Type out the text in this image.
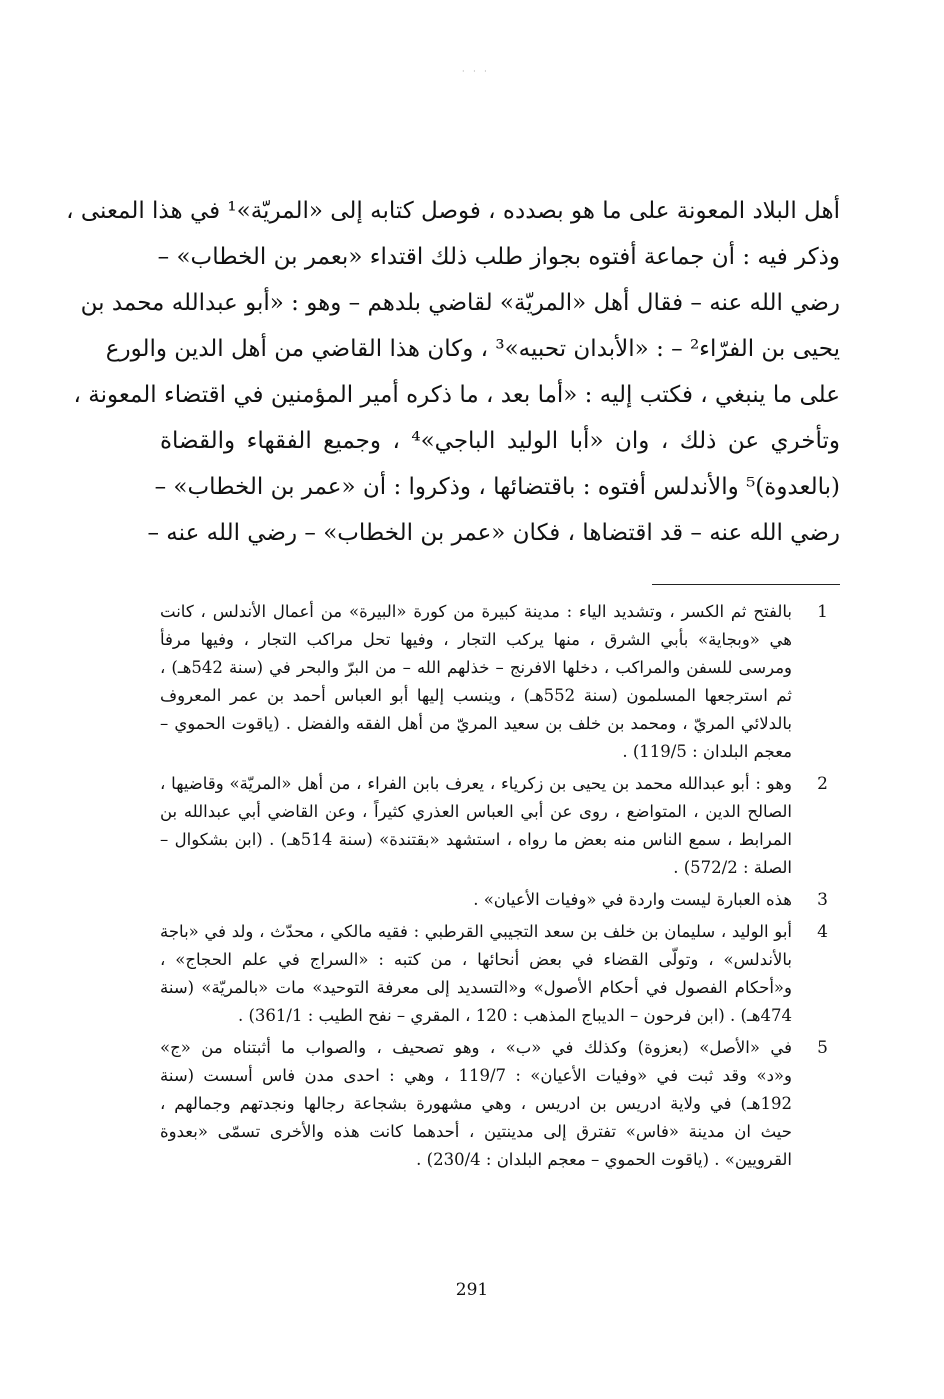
· · ·
أهل البلاد المعونة على ما هو بصدده ، فوصل كتابه إلى «المريّة»¹ في هذا المعنى ،
وذكر فيه : أن جماعة أفتوه بجواز طلب ذلك اقتداء «بعمر بن الخطاب» –
رضي الله عنه – فقال أهل «المريّة» لقاضي بلدهم – وهو : «أبو عبدالله محمد بن
يحيى بن الفرّاء² – : «الأبدان تحبيه»³ ، وكان هذا القاضي من أهل الدين والورع
على ما ينبغي ، فكتب إليه : «أما بعد ، ما ذكره أمير المؤمنين في اقتضاء المعونة ،
وتأخري عن ذلك ، وان «أبا الوليد الباجي»⁴ ، وجميع الفقهاء والقضاة
(بالعدوة)⁵ والأندلس أفتوه : باقتضائها ، وذكروا : أن «عمر بن الخطاب» –
رضي الله عنه – قد اقتضاها ، فكان «عمر بن الخطاب» – رضي الله عنه –
1
بالفتح ثم الكسر ، وتشديد الياء : مدينة كبيرة من كورة «البيرة» من أعمال الأندلس ، كانت
هي «وبجاية» بأبي الشرق ، منها يركب التجار ، وفيها تحل مراكب التجار ، وفيها مرفأ
ومرسى للسفن والمراكب ، دخلها الافرنج – خذلهم الله – من البرّ والبحر في (سنة 542هـ) ،
ثم استرجعها المسلمون (سنة 552هـ) ، وينسب إليها أبو العباس أحمد بن عمر المعروف
بالدلائي المريّ ، ومحمد بن خلف بن سعيد المريّ من أهل الفقه والفضل . (ياقوت الحموي –
معجم البلدان : 119/5) .
2
وهو : أبو عبدالله محمد بن يحيى بن زكرياء ، يعرف بابن الفراء ، من أهل «المريّة» وقاضيها ،
الصالح الدين ، المتواضع ، روى عن أبي العباس العذري كثيراً ، وعن القاضي أبي عبدالله بن
المرابط ، سمع الناس منه بعض ما رواه ، استشهد «بقتندة» (سنة 514هـ) . (ابن بشكوال –
الصلة : 572/2) .
3
هذه العبارة ليست واردة في «وفيات الأعيان» .
4
أبو الوليد ، سليمان بن خلف بن سعد التجيبي القرطبي : فقيه مالكي ، محدّث ، ولد في «باجة
بالأندلس» ، وتولّى القضاء في بعض أنحائها ، من كتبه : «السراج في علم الحجاج» ،
و«أحكام الفصول في أحكام الأصول» و«التسديد إلى معرفة التوحيد» مات «بالمريّة» (سنة
474هـ) . (ابن فرحون – الديباج المذهب : 120 ، المقري – نفح الطيب : 361/1) .
5
في «الأصل» (بعزوة) وكذلك في «ب» ، وهو تصحيف ، والصواب ما أثبتناه من «ج»
و«د» وقد ثبت في «وفيات الأعيان» : 119/7 ، وهي : احدى مدن فاس أسست (سنة
192هـ) في ولاية ادريس بن ادريس ، وهي مشهورة بشجاعة رجالها ونجدتهم وجمالهم ،
حيث ان مدينة «فاس» تفترق إلى مدينتين ، أحدهما كانت هذه والأخرى تسمّى «بعدوة
القرويين» . (ياقوت الحموي – معجم البلدان : 230/4) .
291
